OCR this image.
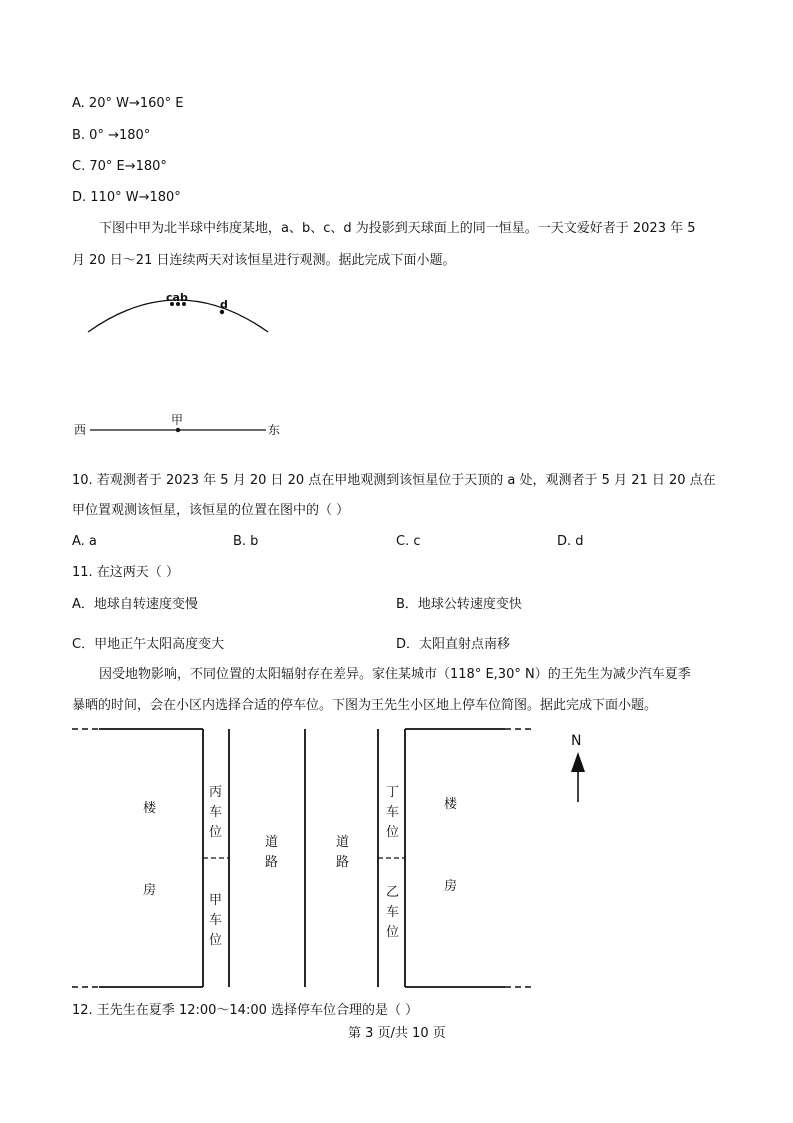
A. 20° W→160° E
B. 0° →180°
C. 70° E→180°
D. 110° W→180°
下图中甲为北半球中纬度某地，a、b、c、d 为投影到天球面上的同一恒星。一天文爱好者于 2023 年 5
月 20 日～21 日连续两天对该恒星进行观测。据此完成下面小题。
cab
d
甲
西	东
N
楼
房
丙
车
位
甲
车
位
道
路
道
路
丁
车
位
乙
车
位
楼
房
10. 若观测者于 2023 年 5 月 20 日 20 点在甲地观测到该恒星位于天顶的 a 处，观测者于 5 月 21 日 20 点在
甲位置观测该恒星，该恒星的位置在图中的（ ）
A. a	B. b	C. c	D. d
11. 在这两天（ ）
A．地球自转速度变慢	B．地球公转速度变快
C．甲地正午太阳高度变大	D．太阳直射点南移
因受地物影响，不同位置的太阳辐射存在差异。家住某城市（118° E,30° N）的王先生为减少汽车夏季
暴晒的时间，会在小区内选择合适的停车位。下图为王先生小区地上停车位简图。据此完成下面小题。
12. 王先生在夏季 12:00～14:00 选择停车位合理的是（ ）
第 3 页/共 10 页
